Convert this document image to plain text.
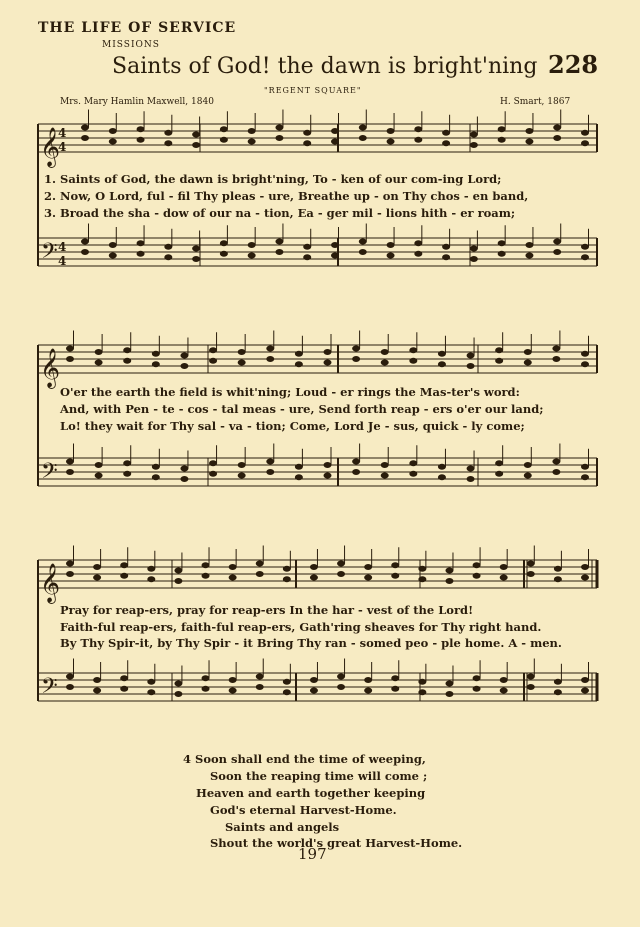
THE LIFE OF SERVICE
MISSIONS
Saints of God! the dawn is bright'ning 228
"REGENT SQUARE"
Mrs. Mary Hamlin Maxwell, 1840	H. Smart, 1867
𝄞
𝄢
𝄞
𝄢
𝄞
𝄢
4
4
4
4
1. Saints of God, the dawn is bright'ning, To - ken of our com-ing Lord;
2. Now, O Lord, ful - fil Thy pleas - ure, Breathe up - on Thy chos - en band,
3. Broad the sha - dow of our na - tion, Ea - ger mil - lions hith - er roam;
O'er the earth the field is whit'ning; Loud - er rings the Mas-ter's word:
And, with Pen - te - cos - tal meas - ure, Send forth reap - ers o'er our land;
Lo! they wait for Thy sal - va - tion; Come, Lord Je - sus, quick - ly come;
Pray for reap-ers, pray for reap-ers In the har - vest of the Lord!
Faith-ful reap-ers, faith-ful reap-ers, Gath'ring sheaves for Thy right hand.
By Thy Spir-it, by Thy Spir - it Bring Thy ran - somed peo - ple home. A - men.
4 Soon shall end the time of weeping,
Soon the reaping time will come ;
Heaven and earth together keeping
God's eternal Harvest-Home.
Saints and angels
Shout the world's great Harvest-Home.
197
